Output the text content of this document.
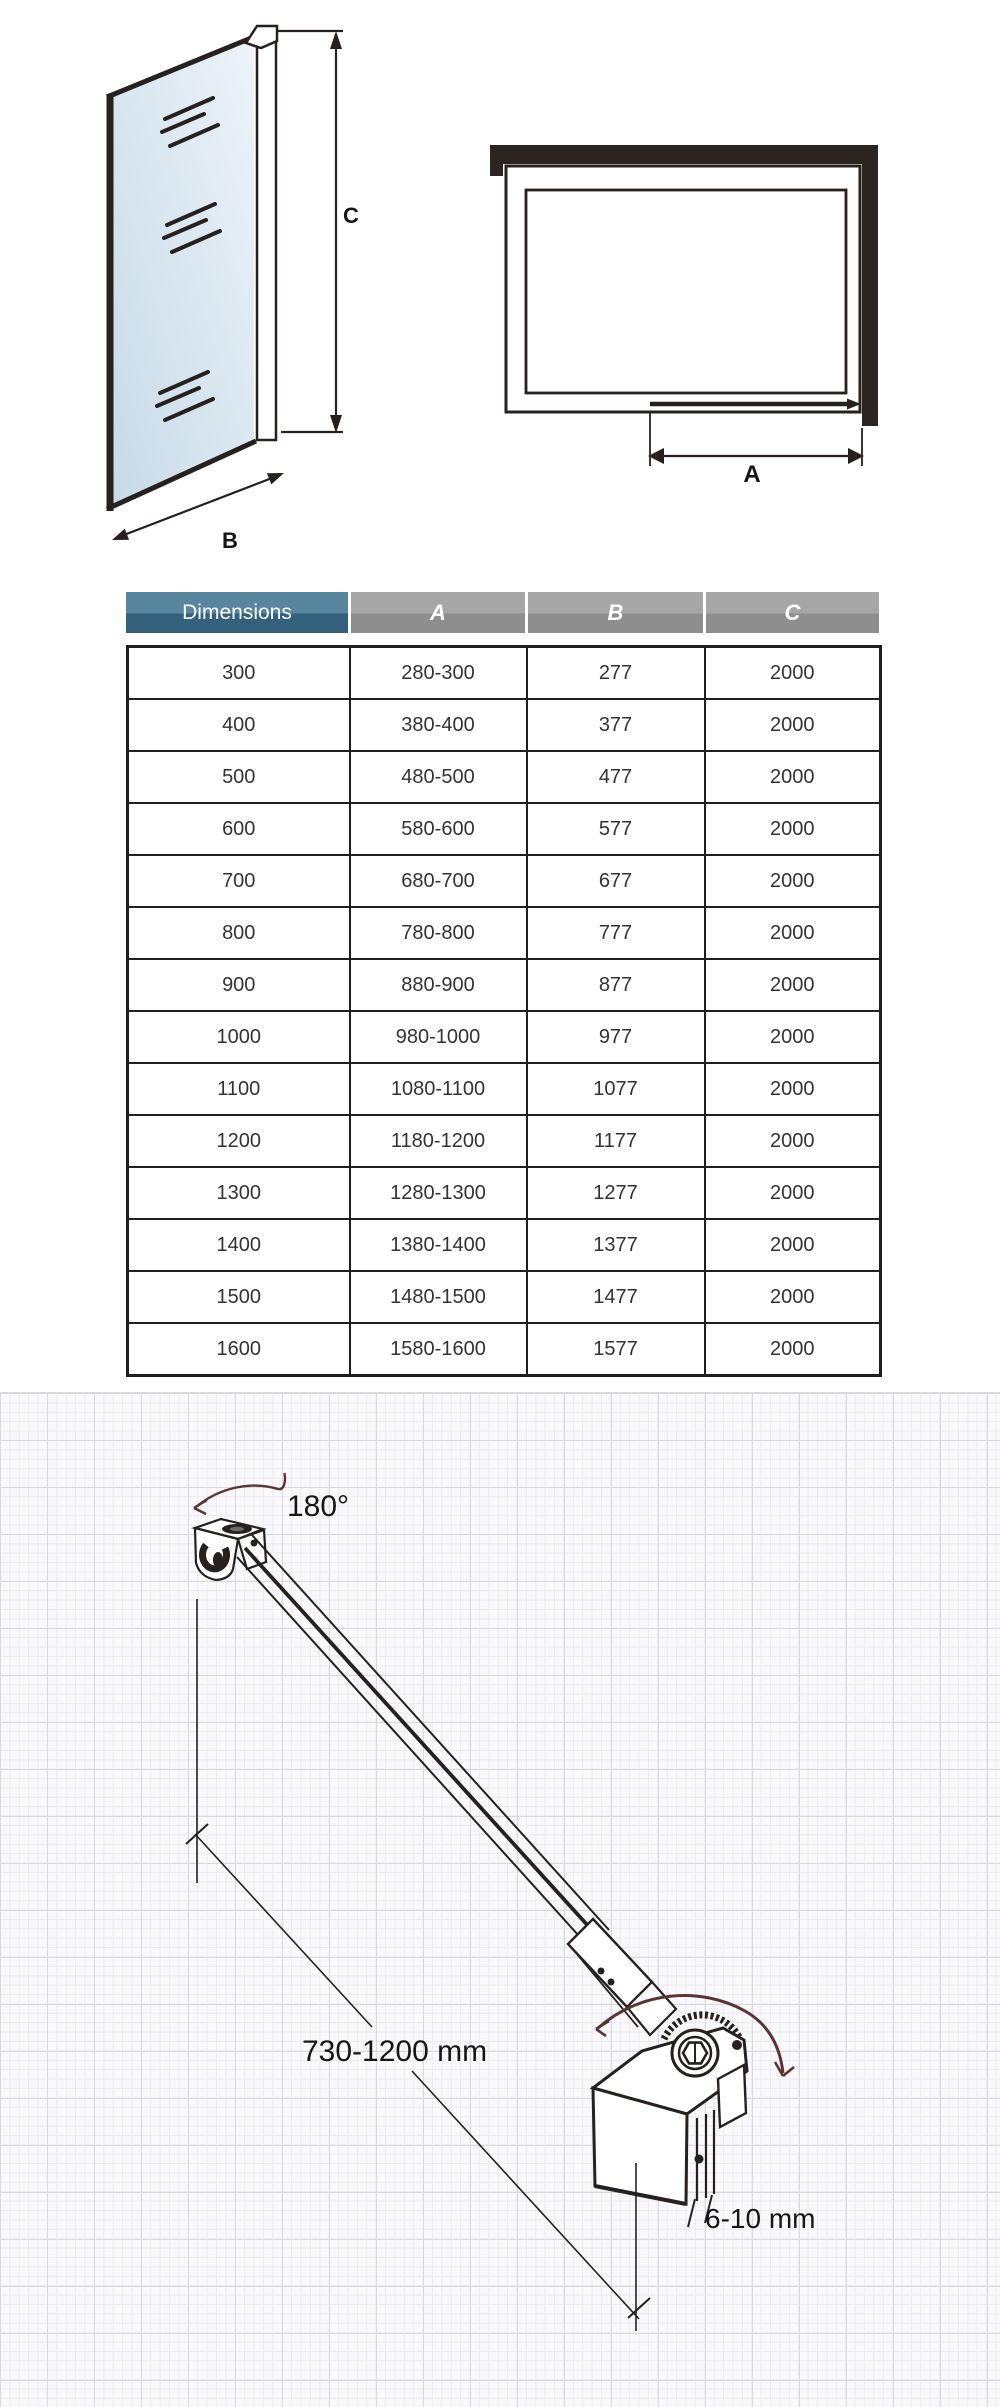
C
B
A
Dimensions	A	B	C
300	280-300	277	2000
400	380-400	377	2000
500	480-500	477	2000
600	580-600	577	2000
700	680-700	677	2000
800	780-800	777	2000
900	880-900	877	2000
1000	980-1000	977	2000
1100	1080-1100	1077	2000
1200	1180-1200	1177	2000
1300	1280-1300	1277	2000
1400	1380-1400	1377	2000
1500	1480-1500	1477	2000
1600	1580-1600	1577	2000
180°
730-1200 mm
6-10 mm
